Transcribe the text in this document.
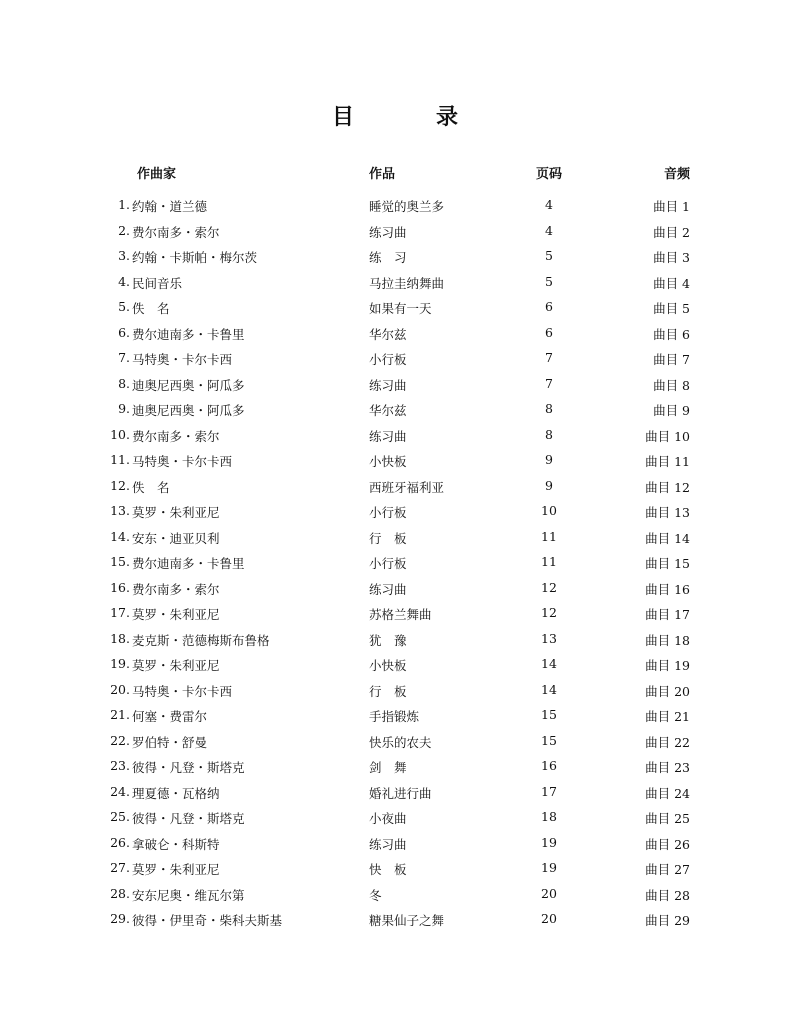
目　录
作曲家	作品	页码	音频
1. 约翰・道兰德	睡觉的奥兰多	4	曲目 1
2. 费尔南多・索尔	练习曲	4	曲目 2
3. 约翰・卡斯帕・梅尔茨	练　习	5	曲目 3
4. 民间音乐	马拉圭纳舞曲	5	曲目 4
5. 佚　名	如果有一天	6	曲目 5
6. 费尔迪南多・卡鲁里	华尔兹	6	曲目 6
7. 马特奥・卡尔卡西	小行板	7	曲目 7
8. 迪奥尼西奥・阿瓜多	练习曲	7	曲目 8
9. 迪奥尼西奥・阿瓜多	华尔兹	8	曲目 9
10. 费尔南多・索尔	练习曲	8	曲目 10
11. 马特奥・卡尔卡西	小快板	9	曲目 11
12. 佚　名	西班牙福利亚	9	曲目 12
13. 莫罗・朱利亚尼	小行板	10	曲目 13
14. 安东・迪亚贝利	行　板	11	曲目 14
15. 费尔迪南多・卡鲁里	小行板	11	曲目 15
16. 费尔南多・索尔	练习曲	12	曲目 16
17. 莫罗・朱利亚尼	苏格兰舞曲	12	曲目 17
18. 麦克斯・范德梅斯布鲁格	犹　豫	13	曲目 18
19. 莫罗・朱利亚尼	小快板	14	曲目 19
20. 马特奥・卡尔卡西	行　板	14	曲目 20
21. 何塞・费雷尔	手指锻炼	15	曲目 21
22. 罗伯特・舒曼	快乐的农夫	15	曲目 22
23. 彼得・凡登・斯塔克	剑　舞	16	曲目 23
24. 理夏德・瓦格纳	婚礼进行曲	17	曲目 24
25. 彼得・凡登・斯塔克	小夜曲	18	曲目 25
26. 拿破仑・科斯特	练习曲	19	曲目 26
27. 莫罗・朱利亚尼	快　板	19	曲目 27
28. 安东尼奥・维瓦尔第	冬	20	曲目 28
29. 彼得・伊里奇・柴科夫斯基	糖果仙子之舞	20	曲目 29
